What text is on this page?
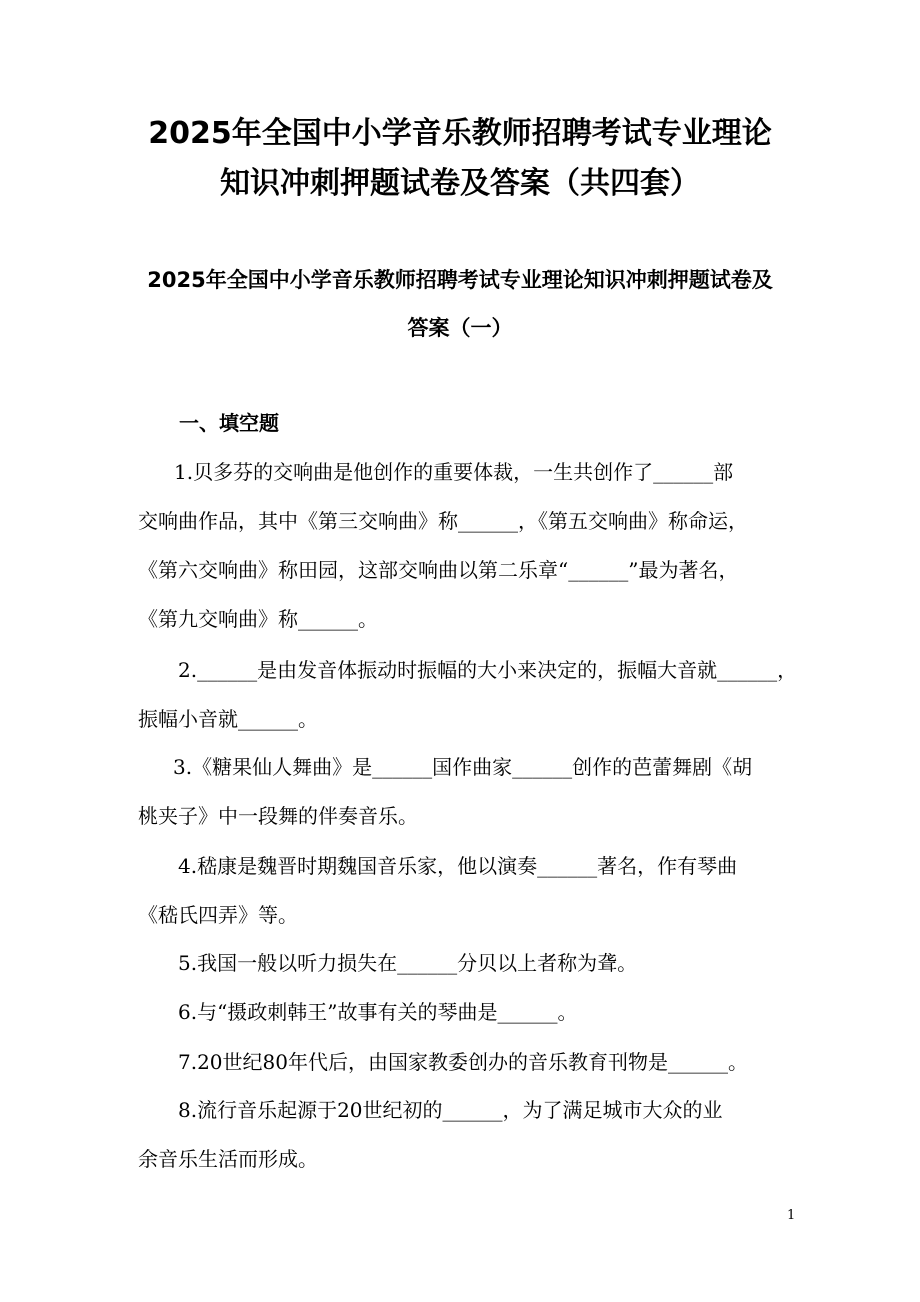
2025年全国中小学音乐教师招聘考试专业理论
知识冲刺押题试卷及答案（共四套）
2025年全国中小学音乐教师招聘考试专业理论知识冲刺押题试卷及
答案（一）
一、填空题
1.贝多芬的交响曲是他创作的重要体裁，一生共创作了______部
交响曲作品，其中《第三交响曲》称______，《第五交响曲》称命运，
《第六交响曲》称田园，这部交响曲以第二乐章“______”最为著名，
《第九交响曲》称______。
2.______是由发音体振动时振幅的大小来决定的，振幅大音就______，
振幅小音就______。
3.《糖果仙人舞曲》是______国作曲家______创作的芭蕾舞剧《胡
桃夹子》中一段舞的伴奏音乐。
4.嵇康是魏晋时期魏国音乐家，他以演奏______著名，作有琴曲
《嵇氏四弄》等。
5.我国一般以听力损失在______分贝以上者称为聋。
6.与“摄政刺韩王”故事有关的琴曲是______。
7.20世纪80年代后，由国家教委创办的音乐教育刊物是______。
8.流行音乐起源于20世纪初的______，为了满足城市大众的业
余音乐生活而形成。
1
